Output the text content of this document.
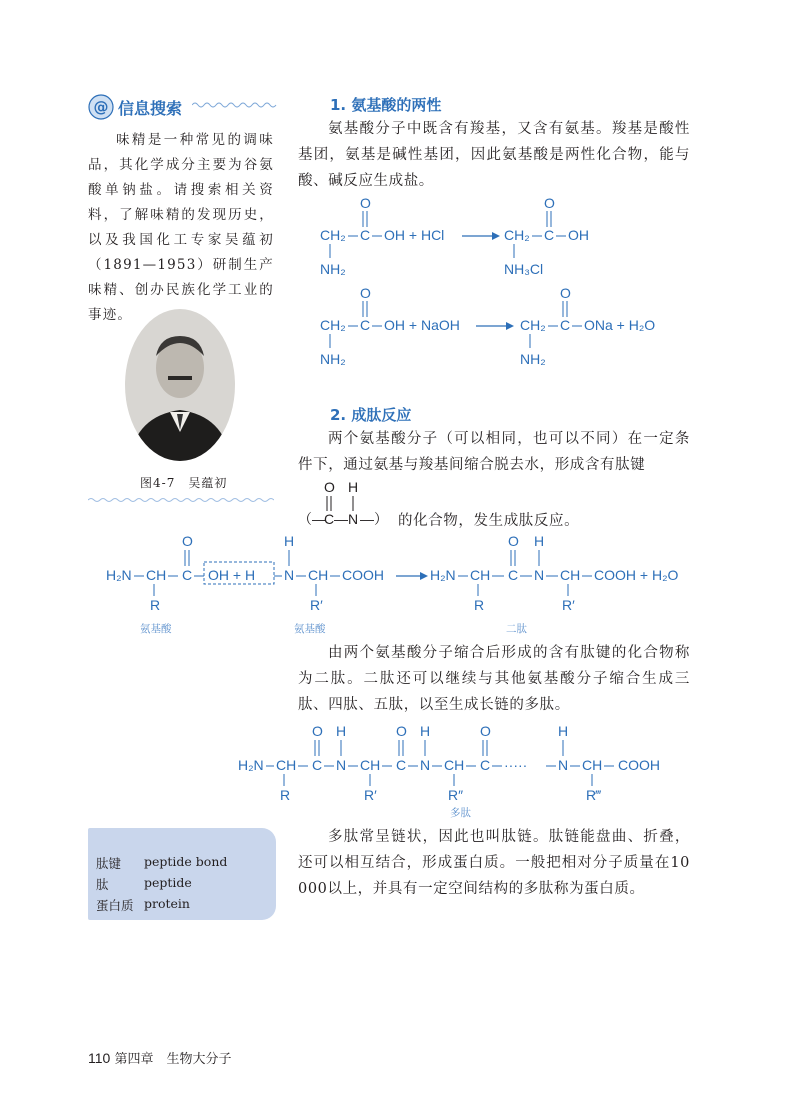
@ 信息搜索
味精是一种常见的调味品，其化学成分主要为谷氨酸单钠盐。请搜索相关资料，了解味精的发现历史，以及我国化工专家吴蕴初（1891—1953）研制生产味精、创办民族化学工业的事迹。
图4-7　吴蕴初
肽键 peptide bond
肽	peptide
蛋白质 protein
1. 氨基酸的两性
氨基酸分子中既含有羧基，又含有氨基。羧基是酸性基团，氨基是碱性基团，因此氨基酸是两性化合物，能与酸、碱反应生成盐。
CH₂ C
O
OH + HCl
NH₂
CH₂ C
O
OH
NH₃Cl
CH₂ C
O
OH + NaOH
NH₂
CH₂ C
O
ONa + H₂O
NH₂
2. 成肽反应
两个氨基酸分子（可以相同，也可以不同）在一定条件下，通过氨基与羧基间缩合脱去水，形成含有肽键
（—
C — N —）
O H
的化合物，发生成肽反应。
H₂N CH C
O
OH + H N
H
CH COOH	H₂N CH C
O
N
H
CH COOH + H₂O
R	R′	R	R′
氨基酸	氨基酸	二肽
由两个氨基酸分子缩合后形成的含有肽键的化合物称为二肽。二肽还可以继续与其他氨基酸分子缩合生成三肽、四肽、五肽，以至生成长链的多肽。
H₂N CH C
O
N
H
CH C
O
N
H
CH C
O
····· N
H
CH COOH
R	R′	R″	R‴
多肽
多肽常呈链状，因此也叫肽链。肽链能盘曲、折叠，还可以相互结合，形成蛋白质。一般把相对分子质量在10 000以上，并具有一定空间结构的多肽称为蛋白质。
110 第四章　生物大分子
